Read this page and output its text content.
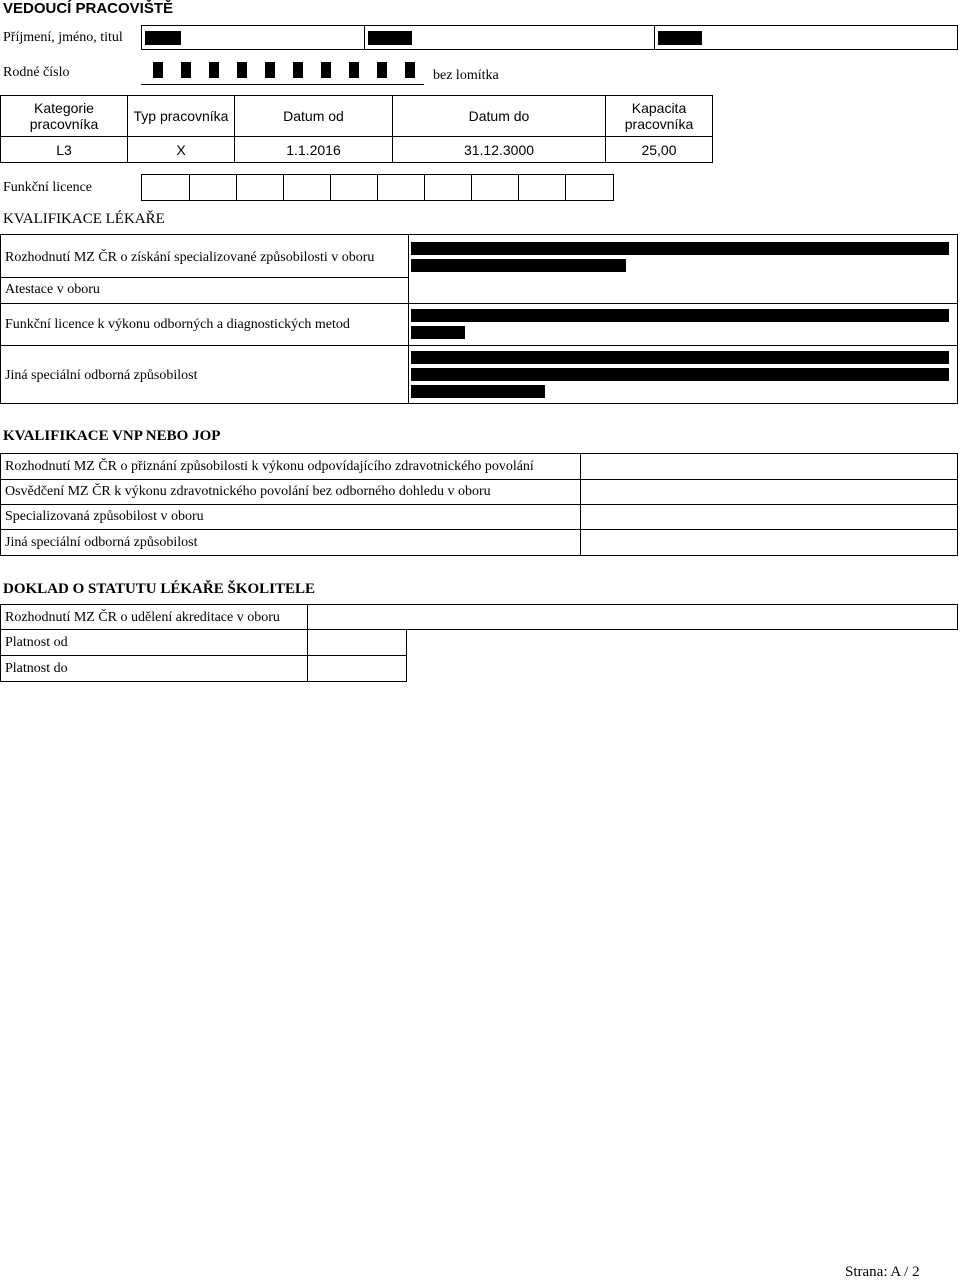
VEDOUCÍ PRACOVIŠTĚ
Příjmení, jméno, titul
Rodné číslo	bez lomítka
Kategorie pracovníka	Typ pracovníka	Datum od	Datum do	Kapacita pracovníka
L3	X	1.1.2016	31.12.3000	25,00
Funkční licence
KVALIFIKACE LÉKAŘE
Rozhodnutí MZ ČR o získání specializované způsobilosti v oboru
Atestace v oboru
Funkční licence k výkonu odborných a diagnostických metod
Jiná speciální odborná způsobilost
KVALIFIKACE VNP NEBO JOP
Rozhodnutí MZ ČR o přiznání způsobilosti k výkonu odpovídajícího zdravotnického povolání
Osvědčení MZ ČR k výkonu zdravotnického povolání bez odborného dohledu v oboru
Specializovaná způsobilost v oboru
Jiná speciální odborná způsobilost
DOKLAD O STATUTU LÉKAŘE ŠKOLITELE
Rozhodnutí MZ ČR o udělení akreditace v oboru
Platnost od
Platnost do
Strana: A / 2
